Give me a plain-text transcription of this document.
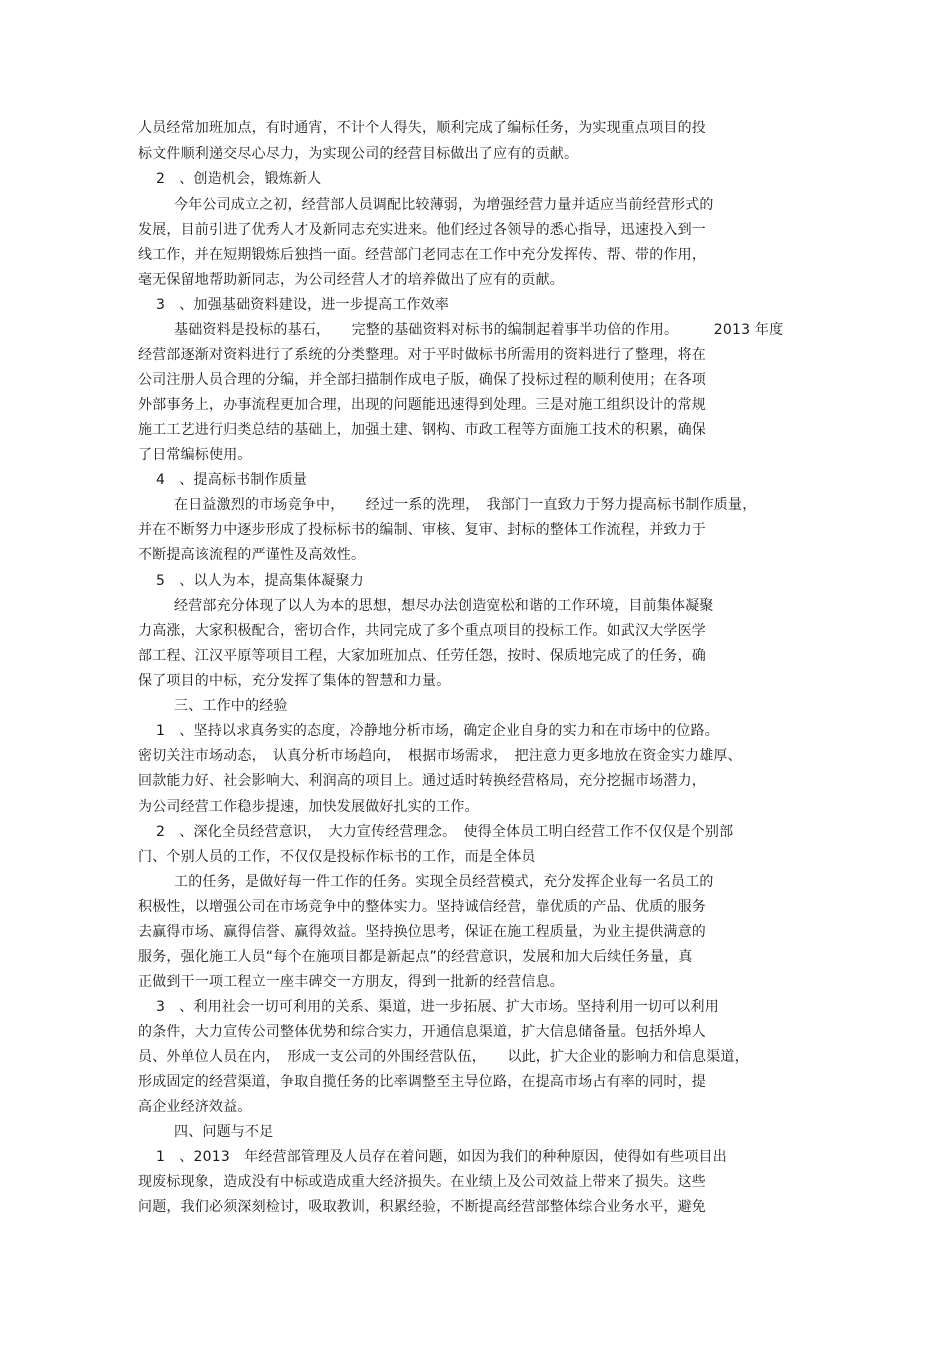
人员经常加班加点，有时通宵，不计个人得失，顺利完成了编标任务，为实现重点项目的投
标文件顺利递交尽心尽力，为实现公司的经营目标做出了应有的贡献。
2　、创造机会，锻炼新人
今年公司成立之初，经营部人员调配比较薄弱，为增强经营力量并适应当前经营形式的
发展，目前引进了优秀人才及新同志充实进来。他们经过各领导的悉心指导，迅速投入到一
线工作，并在短期锻炼后独挡一面。经营部门老同志在工作中充分发挥传、帮、带的作用，
毫无保留地帮助新同志，为公司经营人才的培养做出了应有的贡献。
3　、加强基础资料建设，进一步提高工作效率
基础资料是投标的基石，　　完整的基础资料对标书的编制起着事半功倍的作用。　　　2013 年度
经营部逐渐对资料进行了系统的分类整理。对于平时做标书所需用的资料进行了整理，将在
公司注册人员合理的分编，并全部扫描制作成电子版，确保了投标过程的顺利使用；在各项
外部事务上，办事流程更加合理，出现的问题能迅速得到处理。三是对施工组织设计的常规
施工工艺进行归类总结的基础上，加强土建、钢构、市政工程等方面施工技术的积累，确保
了日常编标使用。
4　、提高标书制作质量
在日益激烈的市场竞争中，　　经过一系的洗理，　我部门一直致力于努力提高标书制作质量，
并在不断努力中逐步形成了投标标书的编制、审核、复审、封标的整体工作流程，并致力于
不断提高该流程的严谨性及高效性。
5　、以人为本，提高集体凝聚力
经营部充分体现了以人为本的思想，想尽办法创造宽松和谐的工作环境，目前集体凝聚
力高涨，大家积极配合，密切合作，共同完成了多个重点项目的投标工作。如武汉大学医学
部工程、江汉平原等项目工程，大家加班加点、任劳任怨，按时、保质地完成了的任务，确
保了项目的中标，充分发挥了集体的智慧和力量。
三、工作中的经验
1　、坚持以求真务实的态度，冷静地分析市场，确定企业自身的实力和在市场中的位路。
密切关注市场动态，　认真分析市场趋向，　根据市场需求，　把注意力更多地放在资金实力雄厚、
回款能力好、社会影响大、利润高的项目上。通过适时转换经营格局，充分挖掘市场潜力，
为公司经营工作稳步提速，加快发展做好扎实的工作。
2　、深化全员经营意识，　大力宣传经营理念。　使得全体员工明白经营工作不仅仅是个别部
门、个别人员的工作，不仅仅是投标作标书的工作，而是全体员
工的任务，是做好每一件工作的任务。实现全员经营模式，充分发挥企业每一名员工的
积极性，以增强公司在市场竞争中的整体实力。坚持诚信经营，靠优质的产品、优质的服务
去赢得市场、赢得信誉、赢得效益。坚持换位思考，保证在施工程质量，为业主提供满意的
服务，强化施工人员“每个在施项目都是新起点”的经营意识，发展和加大后续任务量，真
正做到干一项工程立一座丰碑交一方朋友，得到一批新的经营信息。
3　、利用社会一切可利用的关系、渠道，进一步拓展、扩大市场。坚持利用一切可以利用
的条件，大力宣传公司整体优势和综合实力，开通信息渠道，扩大信息储备量。包括外埠人
员、外单位人员在内，　形成一支公司的外围经营队伍，　　以此，扩大企业的影响力和信息渠道，
形成固定的经营渠道，争取自揽任务的比率调整至主导位路，在提高市场占有率的同时，提
高企业经济效益。
四、问题与不足
1　、2013　年经营部管理及人员存在着问题，如因为我们的种种原因，使得如有些项目出
现废标现象，造成没有中标或造成重大经济损失。在业绩上及公司效益上带来了损失。这些
问题，我们必须深刻检讨，吸取教训，积累经验，不断提高经营部整体综合业务水平，避免
